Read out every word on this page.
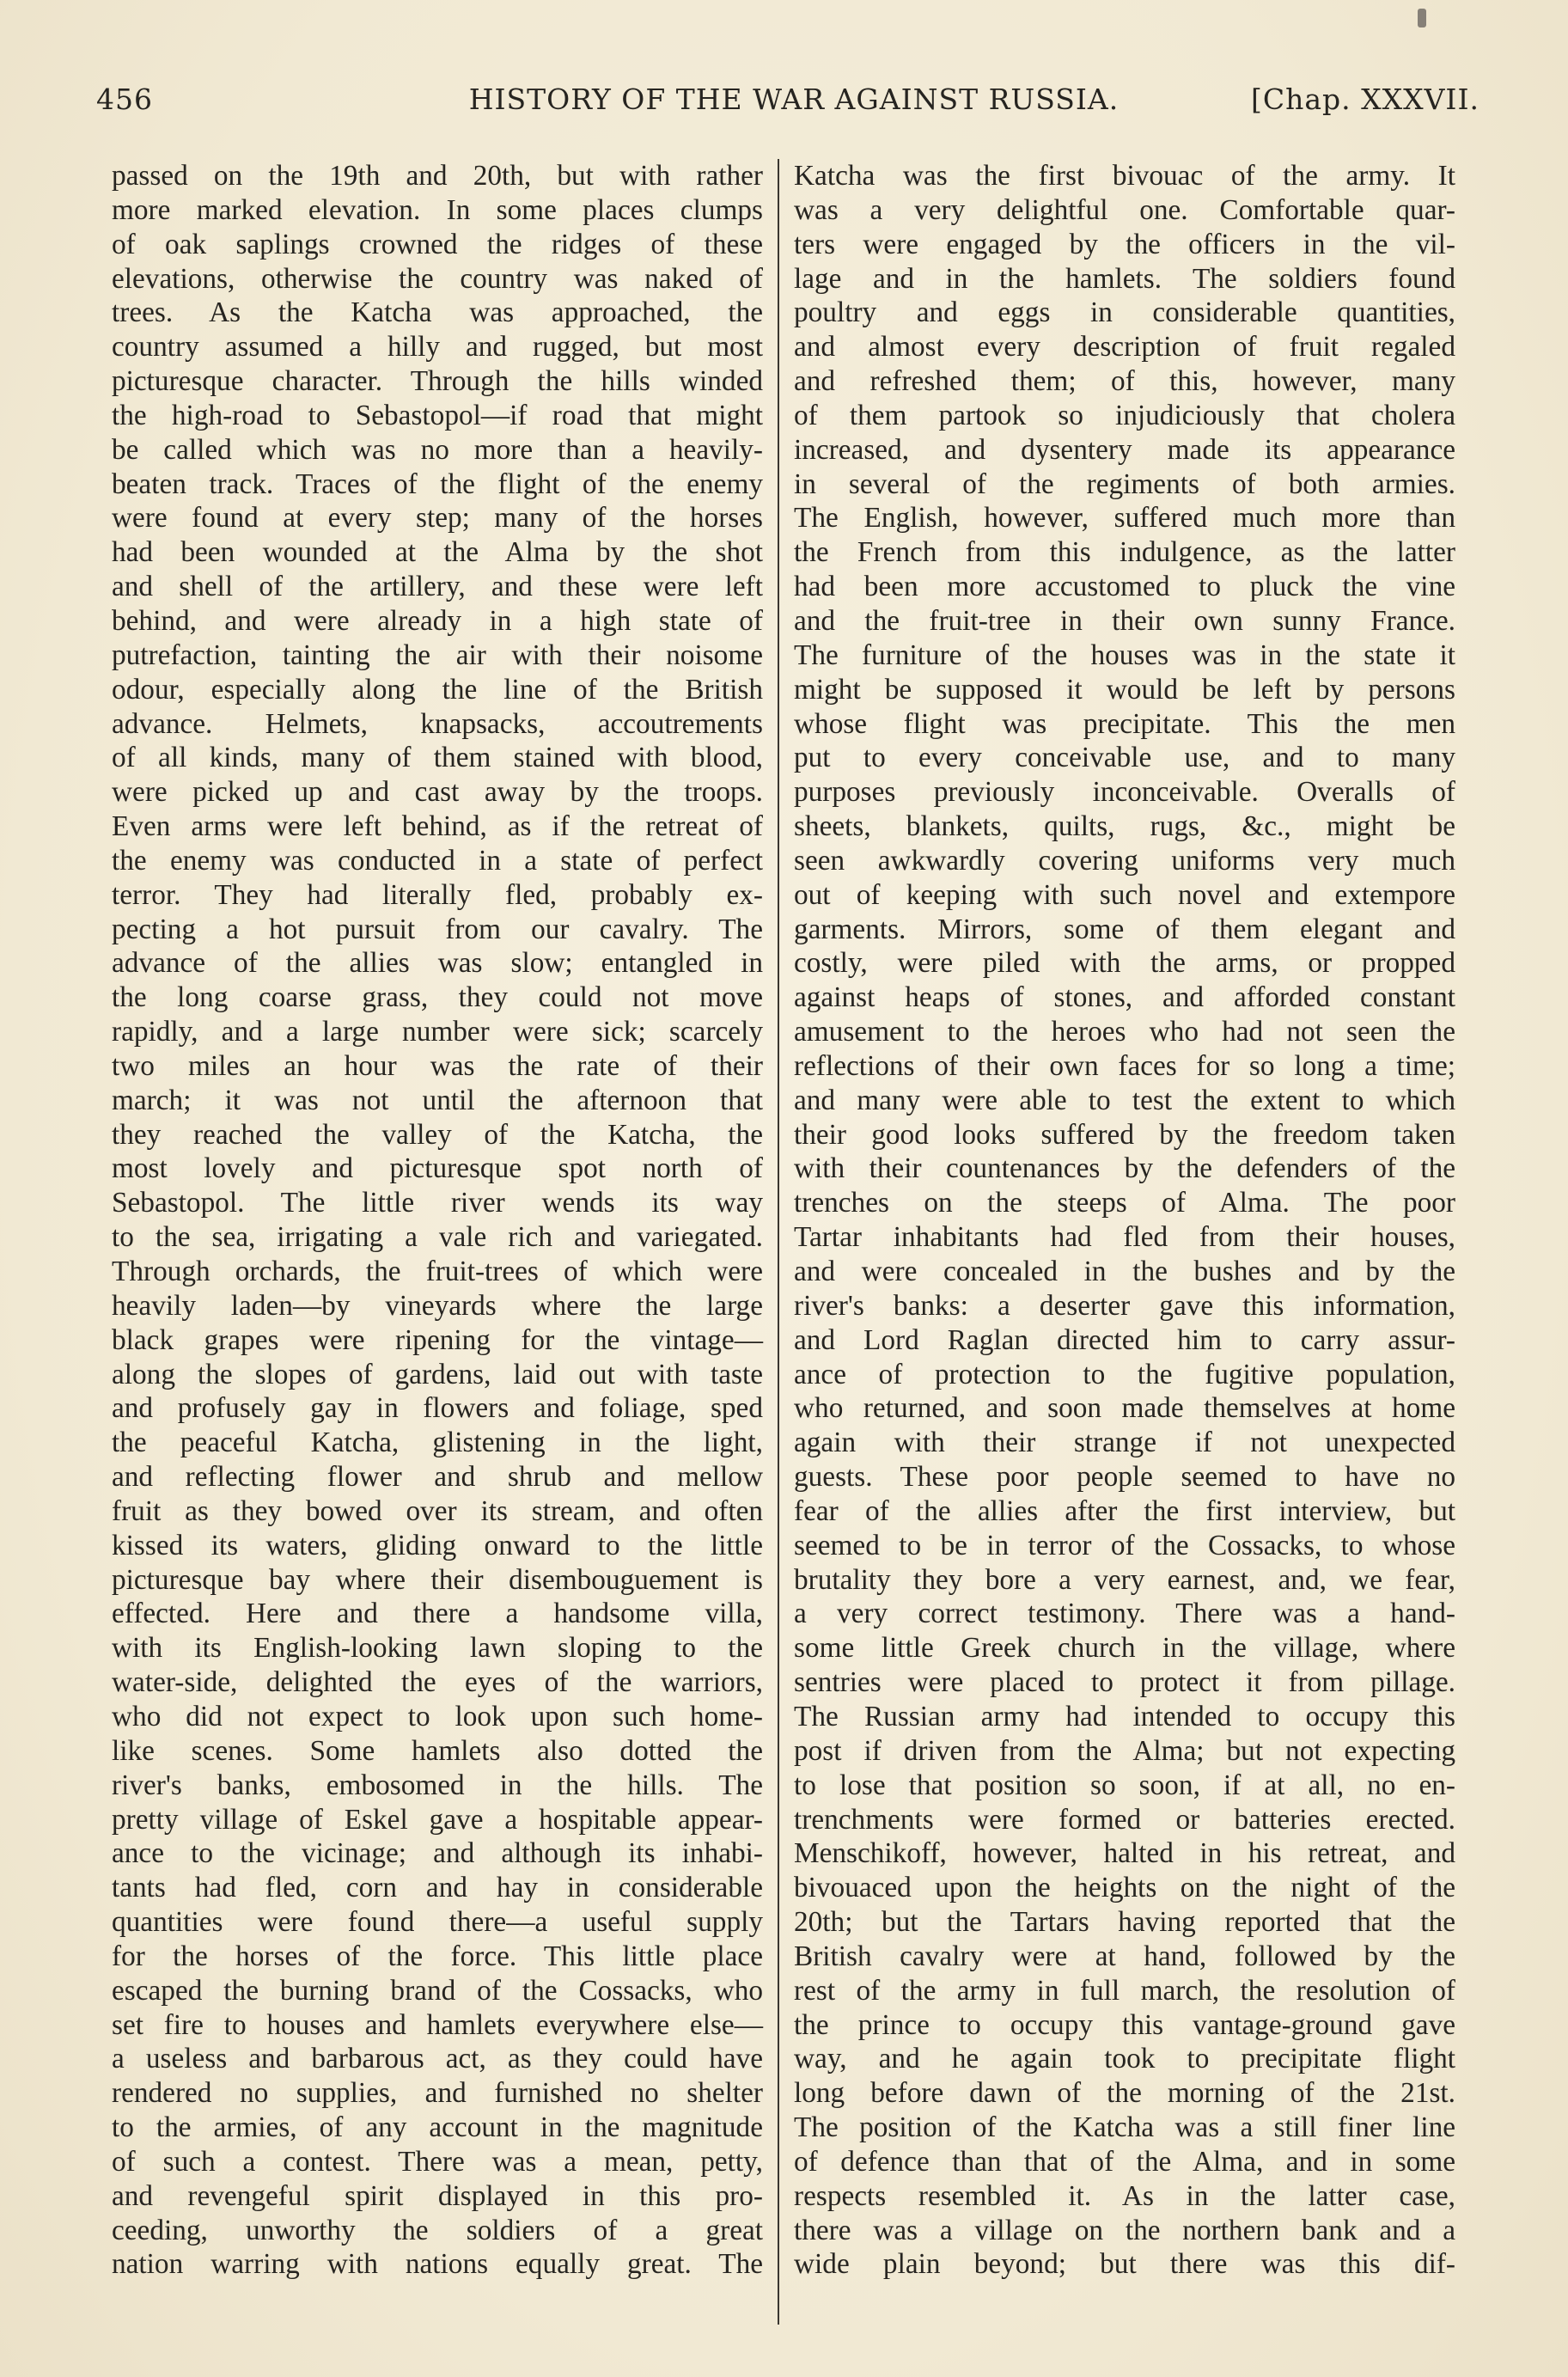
456	HISTORY OF THE WAR AGAINST RUSSIA.	[Chap. XXXVII.
passed on the 19th and 20th, but with rather
more marked elevation. In some places clumps
of oak saplings crowned the ridges of these
elevations, otherwise the country was naked of
trees. As the Katcha was approached, the
country assumed a hilly and rugged, but most
picturesque character. Through the hills winded
the high-road to Sebastopol—if road that might
be called which was no more than a heavily-
beaten track. Traces of the flight of the enemy
were found at every step; many of the horses
had been wounded at the Alma by the shot
and shell of the artillery, and these were left
behind, and were already in a high state of
putrefaction, tainting the air with their noisome
odour, especially along the line of the British
advance. Helmets, knapsacks, accoutrements
of all kinds, many of them stained with blood,
were picked up and cast away by the troops.
Even arms were left behind, as if the retreat of
the enemy was conducted in a state of perfect
terror. They had literally fled, probably ex-
pecting a hot pursuit from our cavalry. The
advance of the allies was slow; entangled in
the long coarse grass, they could not move
rapidly, and a large number were sick; scarcely
two miles an hour was the rate of their
march; it was not until the afternoon that
they reached the valley of the Katcha, the
most lovely and picturesque spot north of
Sebastopol. The little river wends its way
to the sea, irrigating a vale rich and variegated.
Through orchards, the fruit-trees of which were
heavily laden—by vineyards where the large
black grapes were ripening for the vintage—
along the slopes of gardens, laid out with taste
and profusely gay in flowers and foliage, sped
the peaceful Katcha, glistening in the light,
and reflecting flower and shrub and mellow
fruit as they bowed over its stream, and often
kissed its waters, gliding onward to the little
picturesque bay where their disembouguement is
effected. Here and there a handsome villa,
with its English-looking lawn sloping to the
water-side, delighted the eyes of the warriors,
who did not expect to look upon such home-
like scenes. Some hamlets also dotted the
river's banks, embosomed in the hills. The
pretty village of Eskel gave a hospitable appear-
ance to the vicinage; and although its inhabi-
tants had fled, corn and hay in considerable
quantities were found there—a useful supply
for the horses of the force. This little place
escaped the burning brand of the Cossacks, who
set fire to houses and hamlets everywhere else—
a useless and barbarous act, as they could have
rendered no supplies, and furnished no shelter
to the armies, of any account in the magnitude
of such a contest. There was a mean, petty,
and revengeful spirit displayed in this pro-
ceeding, unworthy the soldiers of a great
nation warring with nations equally great. The
Katcha was the first bivouac of the army. It
was a very delightful one. Comfortable quar-
ters were engaged by the officers in the vil-
lage and in the hamlets. The soldiers found
poultry and eggs in considerable quantities,
and almost every description of fruit regaled
and refreshed them; of this, however, many
of them partook so injudiciously that cholera
increased, and dysentery made its appearance
in several of the regiments of both armies.
The English, however, suffered much more than
the French from this indulgence, as the latter
had been more accustomed to pluck the vine
and the fruit-tree in their own sunny France.
The furniture of the houses was in the state it
might be supposed it would be left by persons
whose flight was precipitate. This the men
put to every conceivable use, and to many
purposes previously inconceivable. Overalls of
sheets, blankets, quilts, rugs, &c., might be
seen awkwardly covering uniforms very much
out of keeping with such novel and extempore
garments. Mirrors, some of them elegant and
costly, were piled with the arms, or propped
against heaps of stones, and afforded constant
amusement to the heroes who had not seen the
reflections of their own faces for so long a time;
and many were able to test the extent to which
their good looks suffered by the freedom taken
with their countenances by the defenders of the
trenches on the steeps of Alma. The poor
Tartar inhabitants had fled from their houses,
and were concealed in the bushes and by the
river's banks: a deserter gave this information,
and Lord Raglan directed him to carry assur-
ance of protection to the fugitive population,
who returned, and soon made themselves at home
again with their strange if not unexpected
guests. These poor people seemed to have no
fear of the allies after the first interview, but
seemed to be in terror of the Cossacks, to whose
brutality they bore a very earnest, and, we fear,
a very correct testimony. There was a hand-
some little Greek church in the village, where
sentries were placed to protect it from pillage.
The Russian army had intended to occupy this
post if driven from the Alma; but not expecting
to lose that position so soon, if at all, no en-
trenchments were formed or batteries erected.
Menschikoff, however, halted in his retreat, and
bivouaced upon the heights on the night of the
20th; but the Tartars having reported that the
British cavalry were at hand, followed by the
rest of the army in full march, the resolution of
the prince to occupy this vantage-ground gave
way, and he again took to precipitate flight
long before dawn of the morning of the 21st.
The position of the Katcha was a still finer line
of defence than that of the Alma, and in some
respects resembled it. As in the latter case,
there was a village on the northern bank and a
wide plain beyond; but there was this dif-
